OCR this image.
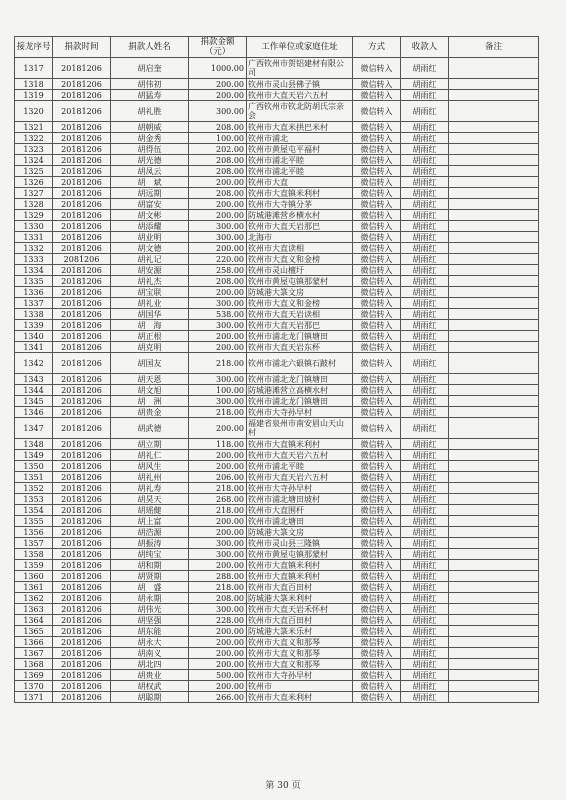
接龙序号	捐款时间	捐款人姓名	捐款金额（元）	工作单位或家庭住址	方式	收款人	备注
1317	20181206	胡启奎	1000.00	广西钦州市贺铝建材有限公司	微信转入	胡雨红	
1318	20181206	胡伟初	200.00	钦州市灵山县佛子镇	微信转入	胡雨红	
1319	20181206	胡猛寿	200.00	钦州市大直天岩六五村	微信转入	胡雨红	
1320	20181206	胡礼胜	300.00	广西钦州市钦北防胡氏宗亲会	微信转入	胡雨红	
1321	20181206	胡朝威	208.00	钦州市大直米拱巴米村	微信转入	胡雨红	
1322	20181206	胡金秀	100.00	钦州市浦北	微信转入	胡雨红	
1323	20181206	胡得伍	202.00	钦州市黄屋屯平福村	微信转入	胡雨红	
1324	20181206	胡光德	208.00	钦州市浦北平睦	微信转入	胡雨红	
1325	20181206	胡凤云	208.00	钦州市浦北平睦	微信转入	胡雨红	
1326	20181206	胡　斌	200.00	钦州市大直	微信转入	胡雨红	
1327	20181206	胡远期	208.00	钦州市大直镇米利村	微信转入	胡雨红	
1328	20181206	胡富安	200.00	钦州市大寺镇分茅	微信转入	胡雨红	
1329	20181206	胡文彬	200.00	防城港滩营乡横水村	微信转入	胡雨红	
1330	20181206	胡添耀	300.00	钦州市大直天岩那巴	微信转入	胡雨红	
1331	20181206	胡业明	300.00	北海市	微信转入	胡雨红	
1332	20181206	胡文德	200.00	钦州市大直读相	微信转入	胡雨红	
1333	2081206	胡礼记	220.00	钦州市大直义和金榜	微信转入	胡雨红	
1334	20181206	胡安源	258.00	钦州市灵山檀圩	微信转入	胡雨红	
1335	20181206	胡礼杰	208.00	钦州市黄屋屯镇那蒙村	微信转入	胡雨红	
1336	20181206	胡宝联	200.00	防城港大箓文房	微信转入	胡雨红	
1337	20181206	胡礼业	300.00	钦州市大直义和金榜	微信转入	胡雨红	
1338	20181206	胡国华	538.00	钦州市大直天岩读相	微信转入	胡雨红	
1339	20181206	胡　海	300.00	钦州市大直天岩那巴	微信转入	胡雨红	
1340	20181206	胡正根	200.00	钦州市浦北龙门镇塘田	微信转入	胡雨红	
1341	20181206	胡克明	200.00	钦州市大直天岩东杯	微信转入	胡雨红	
1342	20181206	胡国友	218.00	钦州市浦北六硍镇石跛村	微信转入	胡雨红	
1343	20181206	胡天恩	300.00	钦州市浦北龙门镇塘田	微信转入	胡雨红	
1344	20181206	胡文旭	100.00	防城港滩营立高横水村	微信转入	胡雨红	
1345	20181206	胡　洲	300.00	钦州市浦北龙门镇塘田	微信转入	胡雨红	
1346	20181206	胡贵金	218.00	钦州市大寺孙早村	微信转入	胡雨红	
1347	20181206	胡武德	200.00	福建省泉州市南安眉山天山村	微信转入	胡雨红	
1348	20181206	胡立期	118.00	钦州市大直镇米利村	微信转入	胡雨红	
1349	20181206	胡礼仁	200.00	钦州市大直天岩六五村	微信转入	胡雨红	
1350	20181206	胡风生	200.00	钦州市浦北平睦	微信转入	胡雨红	
1351	20181206	胡礼州	206.00	钦州市大直天岩六五村	微信转入	胡雨红	
1352	20181206	胡礼寿	218.00	钦州市大寺孙早村	微信转入	胡雨红	
1353	20181206	胡昊天	268.00	钦州市浦北塘田坡村	微信转入	胡雨红	
1354	20181206	胡瑶健	218.00	钦州市大直围杆	微信转入	胡雨红	
1355	20181206	胡上富	200.00	钦州市浦北塘田	微信转入	胡雨红	
1356	20181206	胡浩源	200.00	防城港大箓文房	微信转入	胡雨红	
1357	20181206	胡振涛	300.00	钦州市灵山县三隆镇	微信转入	胡雨红	
1358	20181206	胡纯宝	300.00	钦州市黄屋屯镇那蒙村	微信转入	胡雨红	
1359	20181206	胡和期	200.00	钦州市大直镇米利村	微信转入	胡雨红	
1360	20181206	胡贤期	288.00	钦州市大直镇米利村	微信转入	胡雨红	
1361	20181206	胡　盛	218.00	钦州市大直百田村	微信转入	胡雨红	
1362	20181206	胡永期	208.00	防城港大箓米利村	微信转入	胡雨红	
1363	20181206	胡伟光	300.00	钦州市大直天岩禾怀村	微信转入	胡雨红	
1364	20181206	胡坚强	228.00	钦州市大直百田村	微信转入	胡雨红	
1365	20181206	胡东能	200.00	防城港大箓米乐村	微信转入	胡雨红	
1366	20181206	胡永大	200.00	钦州市大直义和那琴	微信转入	胡雨红	
1367	20181206	胡南义	200.00	钦州市大直义和那琴	微信转入	胡雨红	
1368	20181206	胡北四	200.00	钦州市大直义和那琴	微信转入	胡雨红	
1369	20181206	胡贵业	500.00	钦州市大寺孙早村	微信转入	胡雨红	
1370	20181206	胡权武	200.00	钦州市	微信转入	胡雨红	
1371	20181206	胡聪期	266.00	钦州市大直米利村	微信转入	胡雨红	
第 30 页
